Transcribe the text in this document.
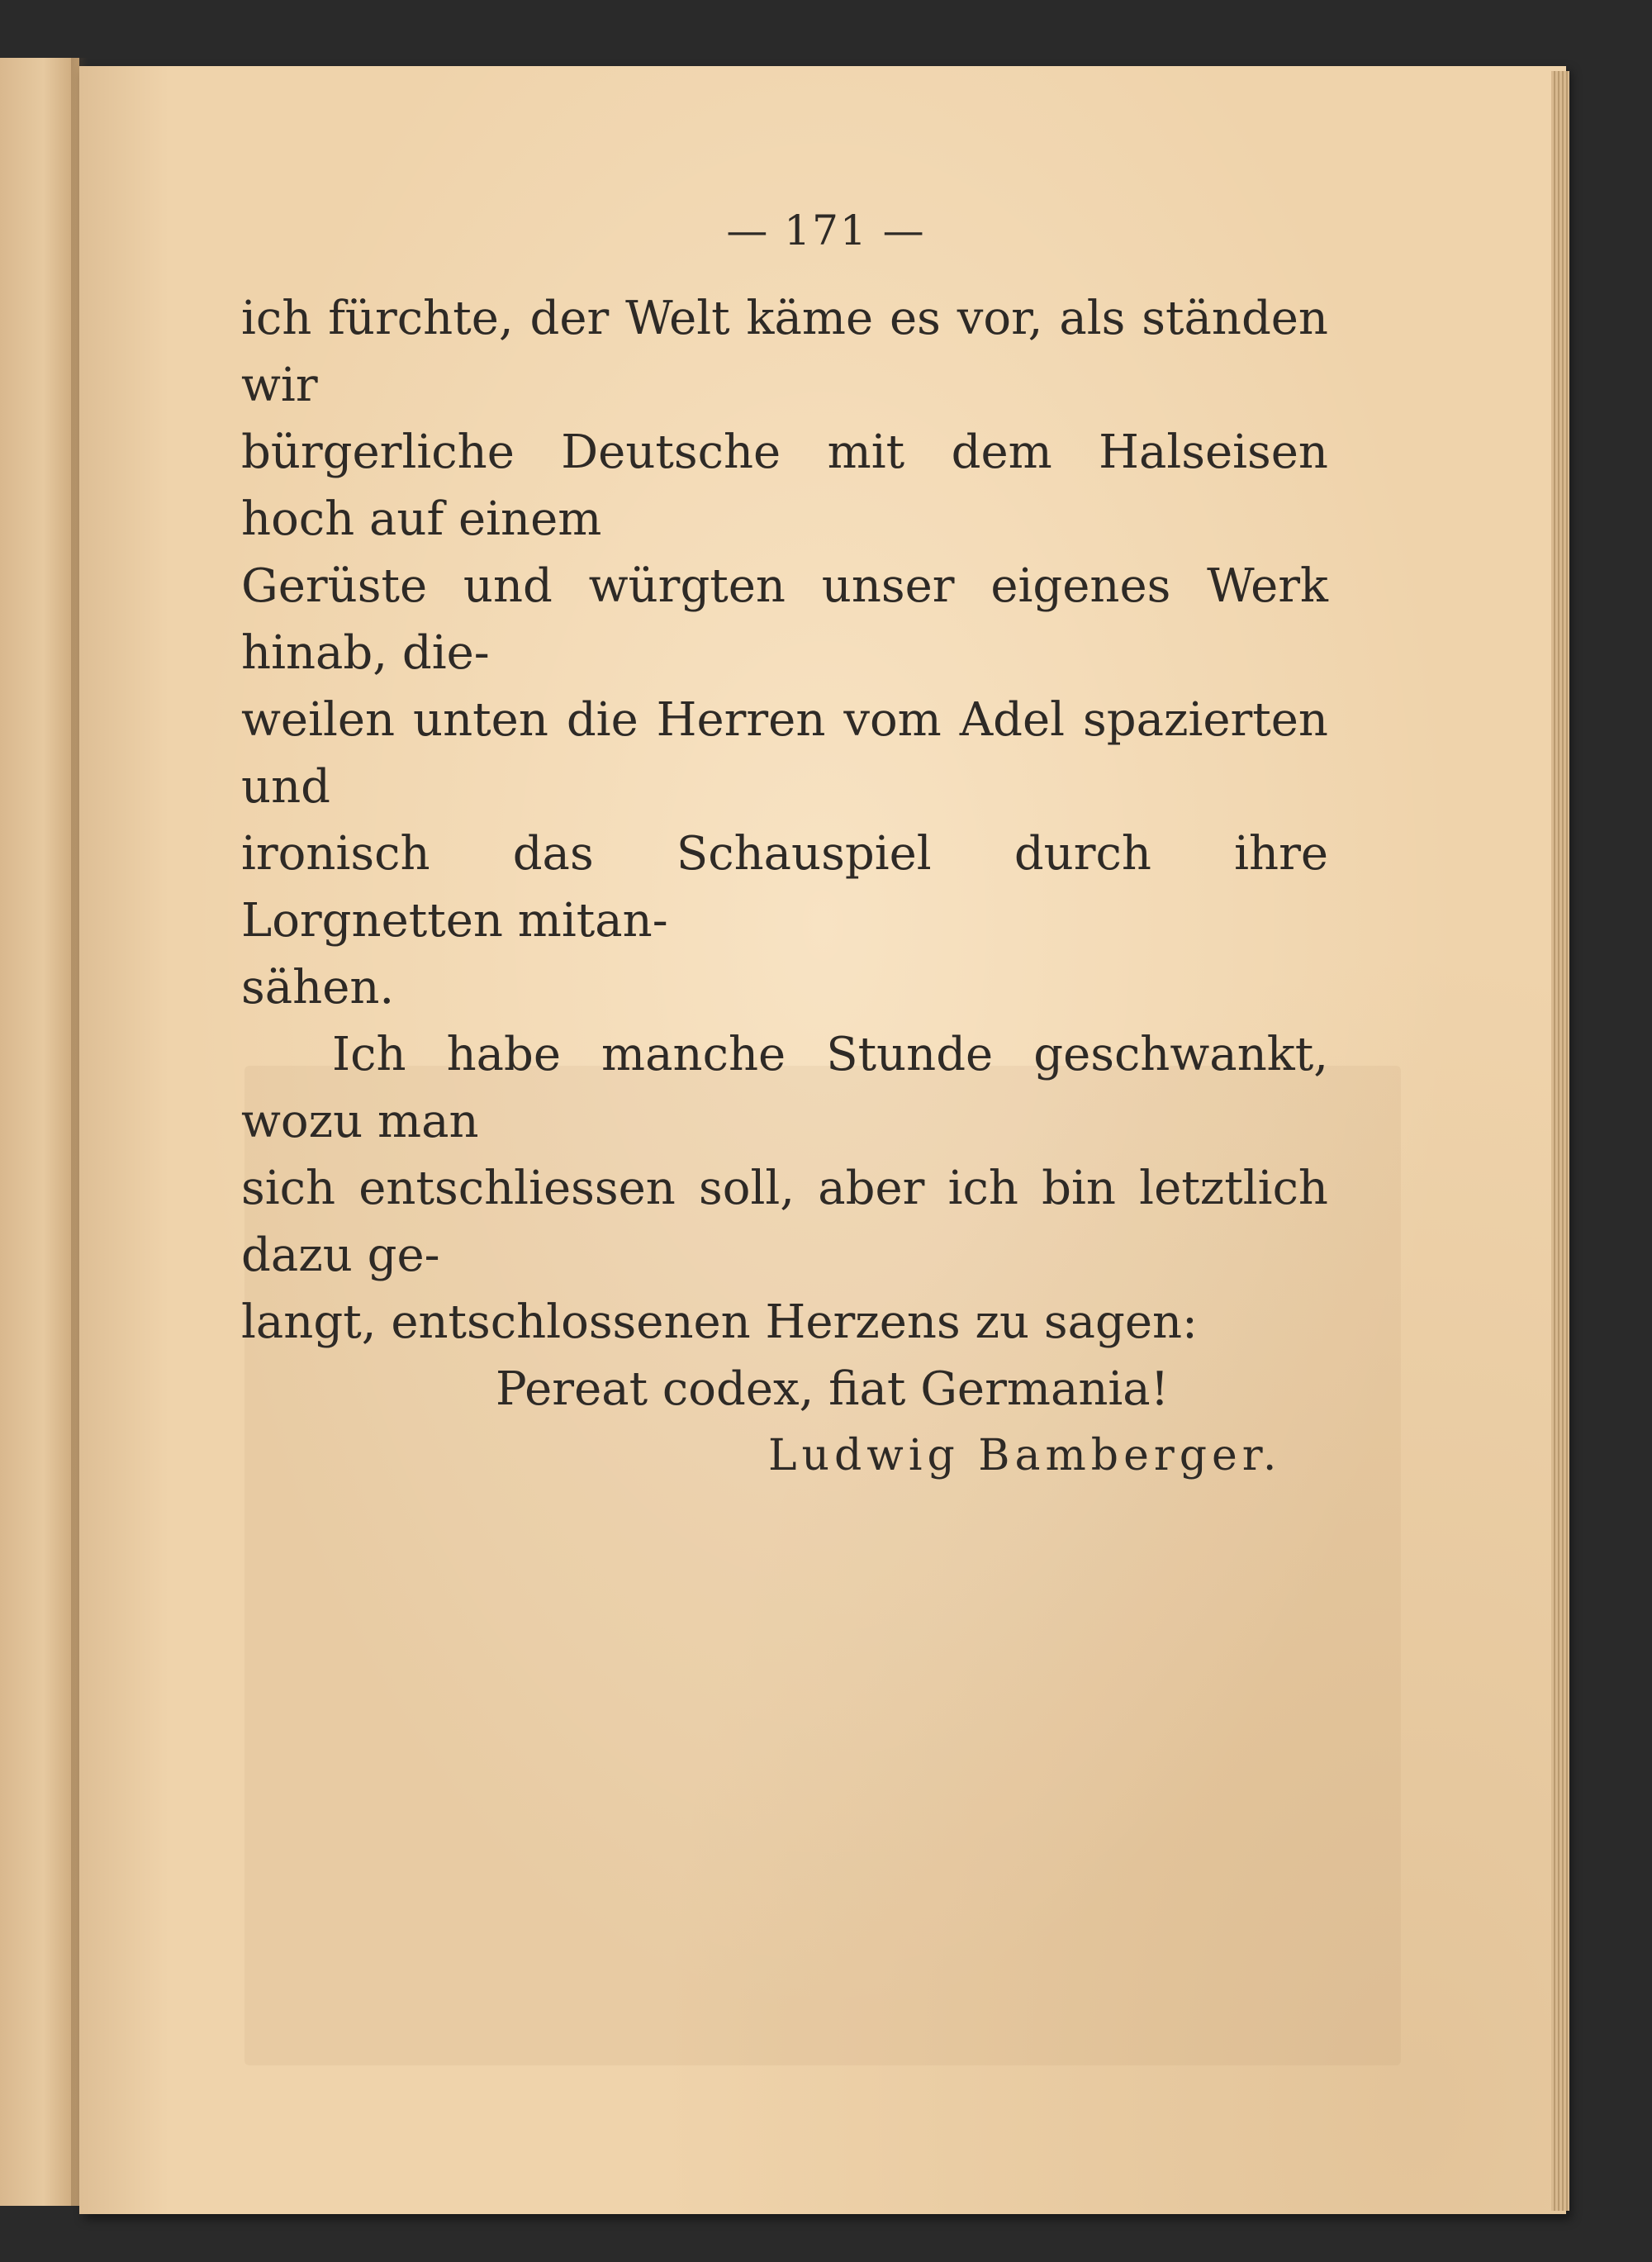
— 171 —

ich fürchte, der Welt käme es vor, als ständen wir

bürgerliche Deutsche mit dem Halseisen hoch auf einem

Gerüste und würgten unser eigenes Werk hinab, die-

weilen unten die Herren vom Adel spazierten und

ironisch das Schauspiel durch ihre Lorgnetten mitan-

sähen.

Ich habe manche Stunde geschwankt, wozu man

sich entschliessen soll, aber ich bin letztlich dazu ge-

langt, entschlossenen Herzens zu sagen:

Pereat codex, fiat Germania!

Ludwig Bamberger.
